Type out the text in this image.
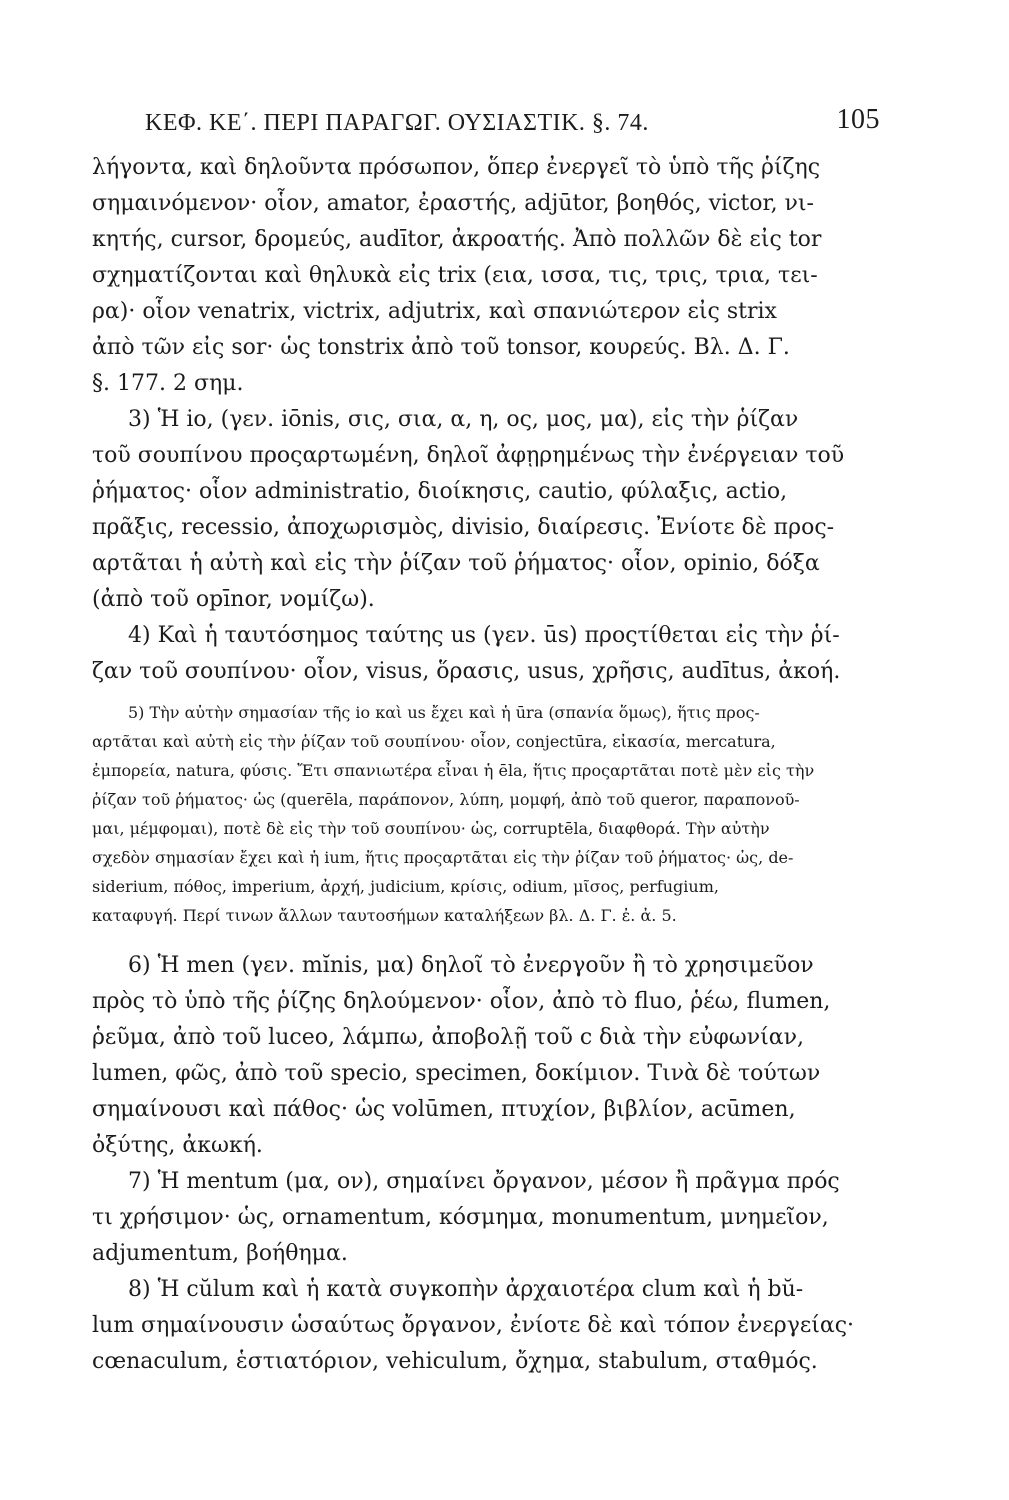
ΚΕΦ. ΚΕ΄. ΠΕΡΙ ΠΑΡΑΓΩΓ. ΟΥΣΙΑΣΤΙΚ. §. 74.	105
λήγοντα, καὶ δηλοῦντα πρόσωπον, ὅπερ ἐνεργεῖ τὸ ὑπὸ τῆς ῥίζης
σημαινόμενον· οἷον, amator, ἐραστής, adjūtor, βοηθός, victor, νι-
κητής, cursor, δρομεύς, audītor, ἀκροατής. Ἀπὸ πολλῶν δὲ εἰς tor
σχηματίζονται καὶ θηλυκὰ εἰς trix (εια, ισσα, τις, τρις, τρια, τει-
ρα)· οἷον venatrix, victrix, adjutrix, καὶ σπανιώτερον εἰς strix
ἀπὸ τῶν εἰς sor· ὡς tonstrix ἀπὸ τοῦ tonsor, κουρεύς. Βλ. Δ. Γ.
§. 177. 2 σημ.
3) Ἡ io, (γεν. iōnis, σις, σια, α, η, ος, μος, μα), εἰς τὴν ῥίζαν
τοῦ σουπίνου προςαρτωμένη, δηλοῖ ἀφῃρημένως τὴν ἐνέργειαν τοῦ
ῥήματος· οἷον administratio, διοίκησις, cautio, φύλαξις, actio,
πρᾶξις, recessio, ἀποχωρισμὸς, divisio, διαίρεσις. Ἐνίοτε δὲ προς-
αρτᾶται ἡ αὐτὴ καὶ εἰς τὴν ῥίζαν τοῦ ῥήματος· οἷον, opinio, δόξα
(ἀπὸ τοῦ opīnor, νομίζω).
4) Καὶ ἡ ταυτόσημος ταύτης us (γεν. ūs) προςτίθεται εἰς τὴν ῥί-
ζαν τοῦ σουπίνου· οἷον, visus, ὅρασις, usus, χρῆσις, audītus, ἀκοή.
5) Τὴν αὐτὴν σημασίαν τῆς io καὶ us ἔχει καὶ ἡ ūra (σπανία ὅμως), ἥτις προς-
αρτᾶται καὶ αὐτὴ εἰς τὴν ῥίζαν τοῦ σουπίνου· οἷον, conjectūra, εἰκασία, mercatura,
ἐμπορεία, natura, φύσις. Ἔτι σπανιωτέρα εἶναι ἡ ēla, ἥτις προςαρτᾶται ποτὲ μὲν εἰς τὴν
ῥίζαν τοῦ ῥήματος· ὡς (querēla, παράπονον, λύπη, μομφή, ἀπὸ τοῦ queror, παραπονοῦ-
μαι, μέμφομαι), ποτὲ δὲ εἰς τὴν τοῦ σουπίνου· ὡς, corruptēla, διαφθορά. Τὴν αὐτὴν
σχεδὸν σημασίαν ἔχει καὶ ἡ ium, ἥτις προςαρτᾶται εἰς τὴν ῥίζαν τοῦ ῥήματος· ὡς, de-
siderium, πόθος, imperium, ἀρχή, judicium, κρίσις, odium, μῖσος, perfugium,
καταφυγή. Περί τινων ἄλλων ταυτοσήμων καταλήξεων βλ. Δ. Γ. ἐ. ἀ. 5.
6) Ἡ men (γεν. mĭnis, μα) δηλοῖ τὸ ἐνεργοῦν ἢ τὸ χρησιμεῦον
πρὸς τὸ ὑπὸ τῆς ῥίζης δηλούμενον· οἷον, ἀπὸ τὸ fluo, ῥέω, flumen,
ῥεῦμα, ἀπὸ τοῦ luceo, λάμπω, ἀποβολῇ τοῦ c διὰ τὴν εὐφωνίαν,
lumen, φῶς, ἀπὸ τοῦ specio, specimen, δοκίμιον. Τινὰ δὲ τούτων
σημαίνουσι καὶ πάθος· ὡς volūmen, πτυχίον, βιβλίον, acūmen,
ὀξύτης, ἀκωκή.
7) Ἡ mentum (μα, ον), σημαίνει ὄργανον, μέσον ἢ πρᾶγμα πρός
τι χρήσιμον· ὡς, ornamentum, κόσμημα, monumentum, μνημεῖον,
adjumentum, βοήθημα.
8) Ἡ cŭlum καὶ ἡ κατὰ συγκοπὴν ἀρχαιοτέρα clum καὶ ἡ bŭ-
lum σημαίνουσιν ὡσαύτως ὄργανον, ἐνίοτε δὲ καὶ τόπον ἐνεργείας·
cœnaculum, ἑστιατόριον, vehiculum, ὄχημα, stabulum, σταθμός.
